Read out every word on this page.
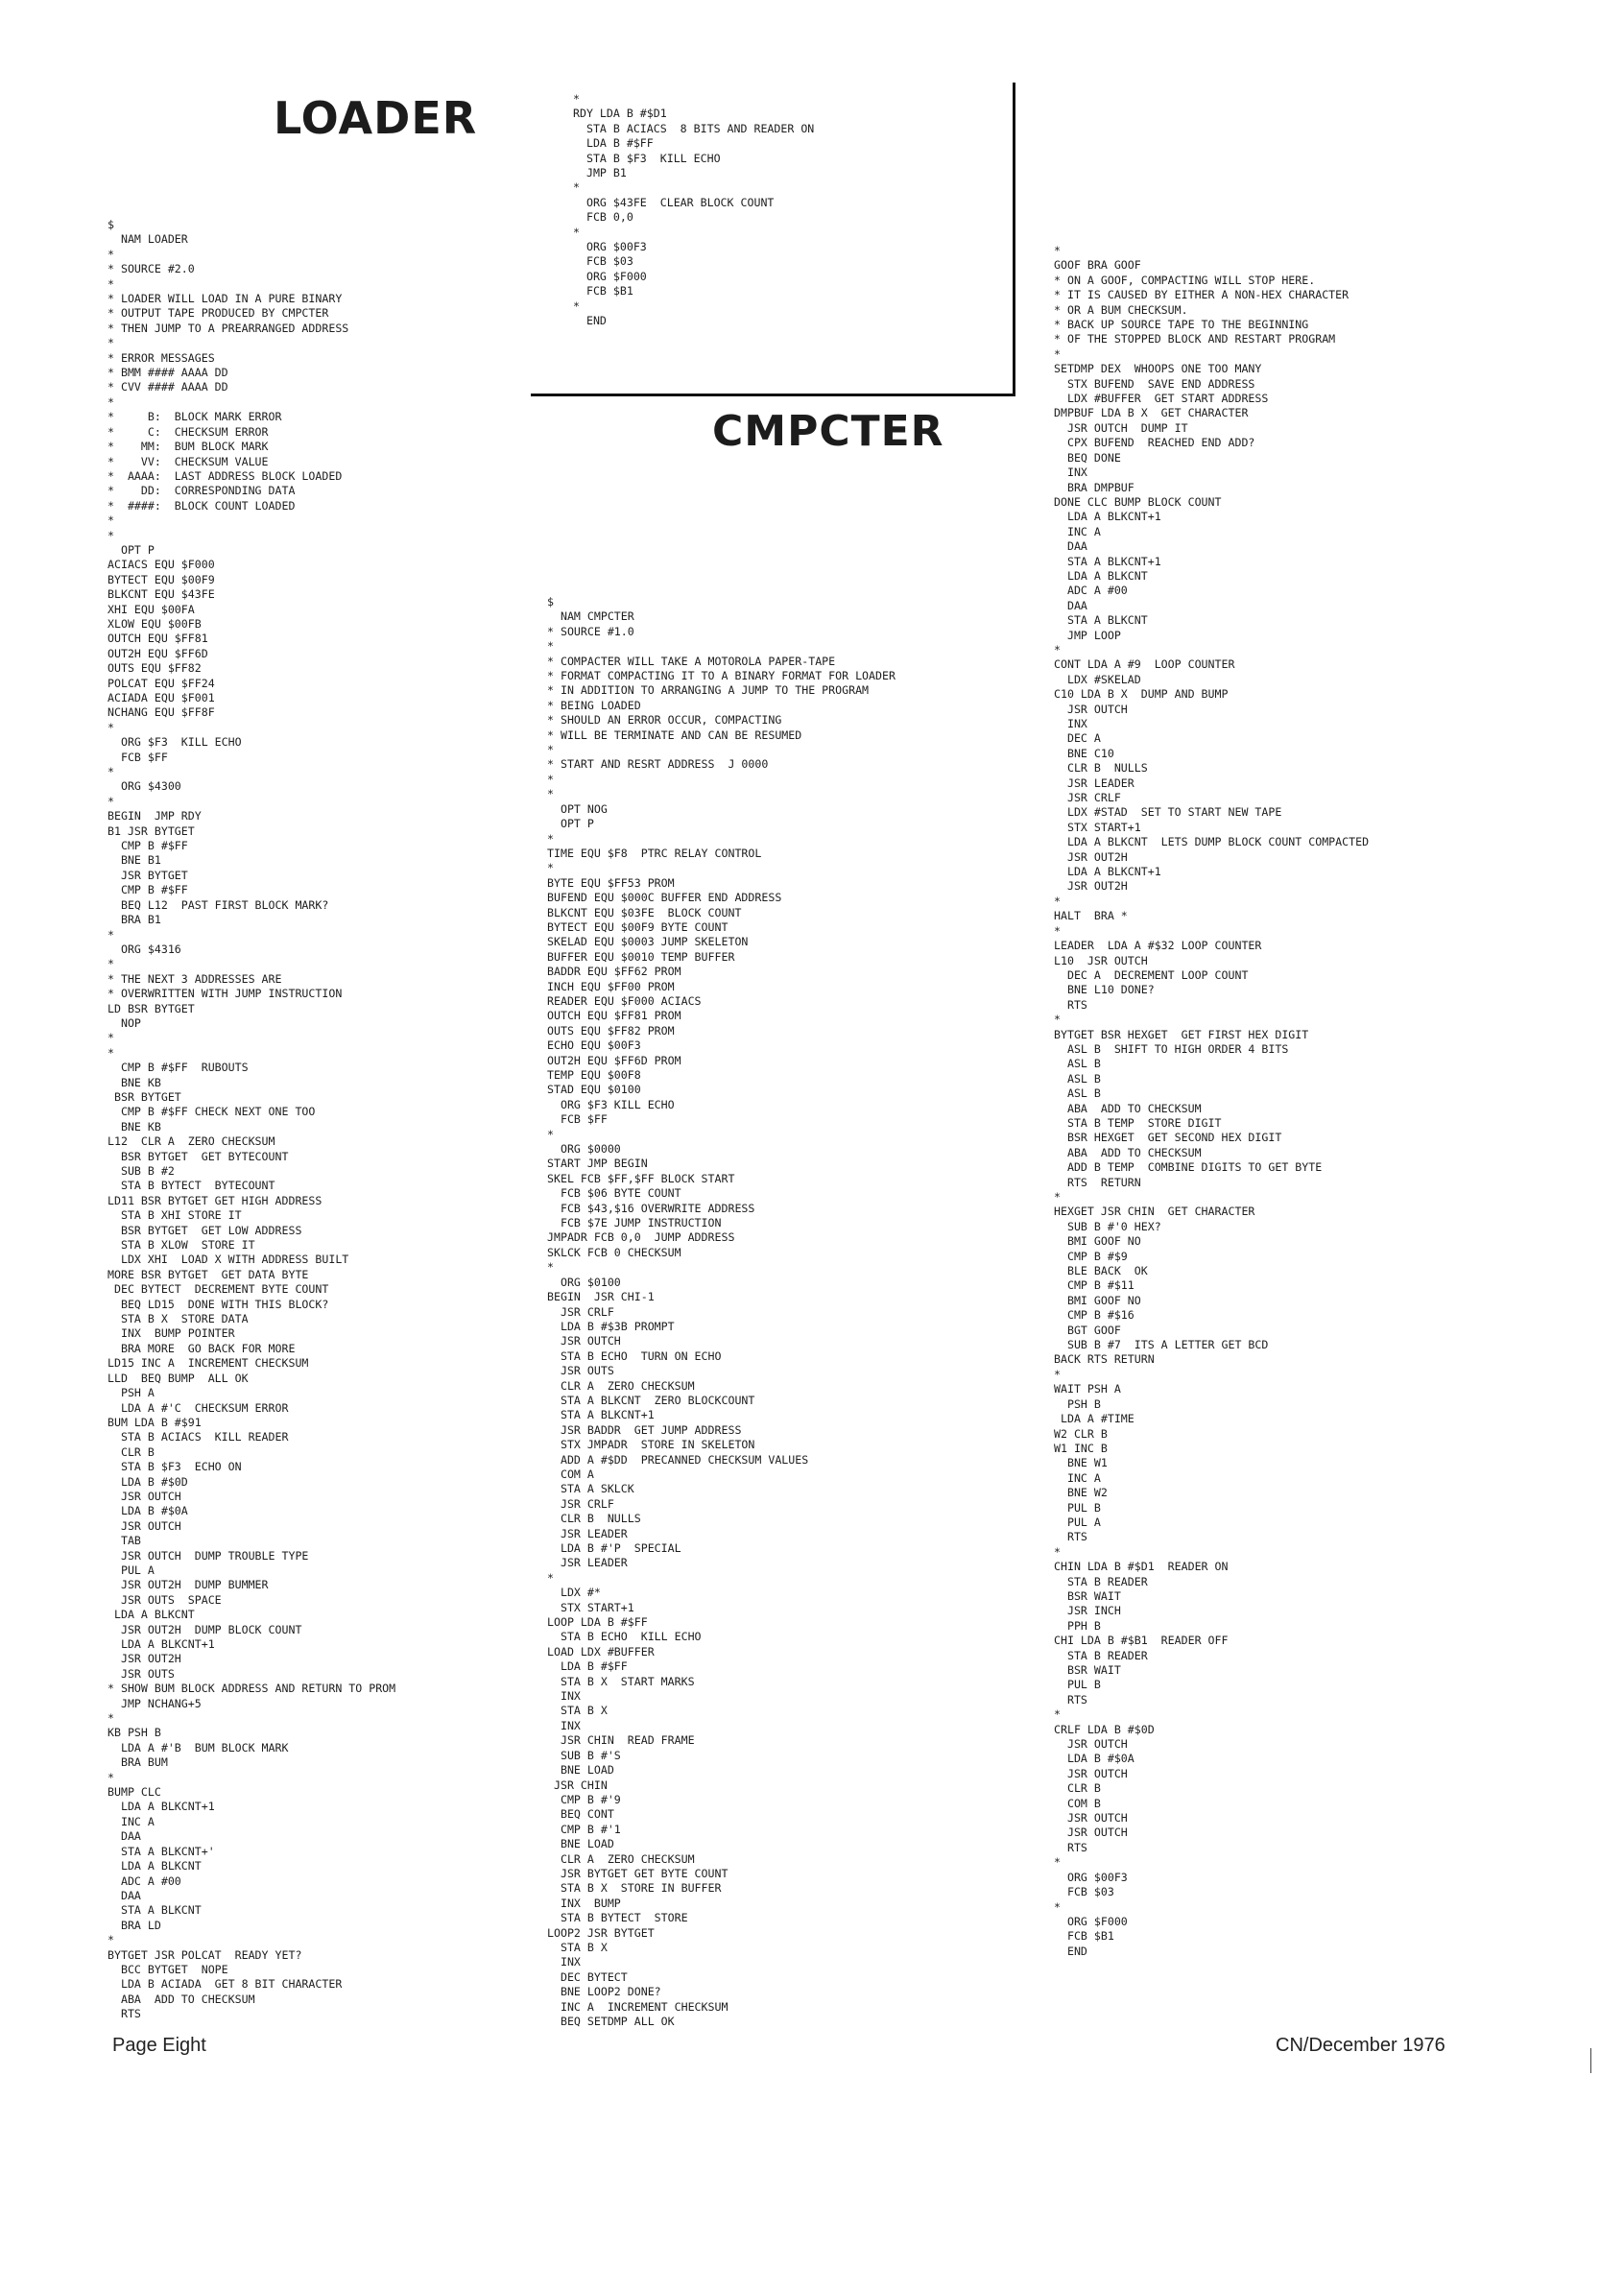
LOADER
CMPCTER
$
NAM LOADER
*
* SOURCE #2.0
*
* LOADER WILL LOAD IN A PURE BINARY
* OUTPUT TAPE PRODUCED BY CMPCTER
* THEN JUMP TO A PREARRANGED ADDRESS
*
* ERROR MESSAGES
* BMM #### AAAA DD
* CVV #### AAAA DD
*
*     B:  BLOCK MARK ERROR
*     C:  CHECKSUM ERROR
*    MM:  BUM BLOCK MARK
*    VV:  CHECKSUM VALUE
*  AAAA:  LAST ADDRESS BLOCK LOADED
*    DD:  CORRESPONDING DATA
*  ####:  BLOCK COUNT LOADED
*
*
OPT P
ACIACS EQU $F000
BYTECT EQU $00F9
BLKCNT EQU $43FE
XHI EQU $00FA
XLOW EQU $00FB
OUTCH EQU $FF81
OUT2H EQU $FF6D
OUTS EQU $FF82
POLCAT EQU $FF24
ACIADA EQU $F001
NCHANG EQU $FF8F
*
ORG $F3  KILL ECHO
FCB $FF
*
ORG $4300
*
BEGIN  JMP RDY
B1 JSR BYTGET
CMP B #$FF
BNE B1
JSR BYTGET
CMP B #$FF
BEQ L12  PAST FIRST BLOCK MARK?
BRA B1
*
ORG $4316
*
* THE NEXT 3 ADDRESSES ARE
* OVERWRITTEN WITH JUMP INSTRUCTION
LD BSR BYTGET
NOP
*
*
CMP B #$FF  RUBOUTS
BNE KB
BSR BYTGET
CMP B #$FF CHECK NEXT ONE TOO
BNE KB
L12  CLR A  ZERO CHECKSUM
BSR BYTGET  GET BYTECOUNT
SUB B #2
STA B BYTECT  BYTECOUNT
LD11 BSR BYTGET GET HIGH ADDRESS
STA B XHI STORE IT
BSR BYTGET  GET LOW ADDRESS
STA B XLOW  STORE IT
LDX XHI  LOAD X WITH ADDRESS BUILT
MORE BSR BYTGET  GET DATA BYTE
DEC BYTECT  DECREMENT BYTE COUNT
BEQ LD15  DONE WITH THIS BLOCK?
STA B X  STORE DATA
INX  BUMP POINTER
BRA MORE  GO BACK FOR MORE
LD15 INC A  INCREMENT CHECKSUM
LLD  BEQ BUMP  ALL OK
PSH A
LDA A #'C  CHECKSUM ERROR
BUM LDA B #$91
STA B ACIACS  KILL READER
CLR B
STA B $F3  ECHO ON
LDA B #$0D
JSR OUTCH
LDA B #$0A
JSR OUTCH
TAB
JSR OUTCH  DUMP TROUBLE TYPE
PUL A
JSR OUT2H  DUMP BUMMER
JSR OUTS  SPACE
LDA A BLKCNT
JSR OUT2H  DUMP BLOCK COUNT
LDA A BLKCNT+1
JSR OUT2H
JSR OUTS
* SHOW BUM BLOCK ADDRESS AND RETURN TO PROM
JMP NCHANG+5
*
KB PSH B
LDA A #'B  BUM BLOCK MARK
BRA BUM
*
BUMP CLC
LDA A BLKCNT+1
INC A
DAA
STA A BLKCNT+'
LDA A BLKCNT
ADC A #00
DAA
STA A BLKCNT
BRA LD
*
BYTGET JSR POLCAT  READY YET?
BCC BYTGET  NOPE
LDA B ACIADA  GET 8 BIT CHARACTER
ABA  ADD TO CHECKSUM
RTS
*
RDY LDA B #$D1
STA B ACIACS  8 BITS AND READER ON
LDA B #$FF
STA B $F3  KILL ECHO
JMP B1
*
ORG $43FE  CLEAR BLOCK COUNT
FCB 0,0
*
ORG $00F3
FCB $03
ORG $F000
FCB $B1
*
END
$
NAM CMPCTER
* SOURCE #1.0
*
* COMPACTER WILL TAKE A MOTOROLA PAPER-TAPE
* FORMAT COMPACTING IT TO A BINARY FORMAT FOR LOADER
* IN ADDITION TO ARRANGING A JUMP TO THE PROGRAM
* BEING LOADED
* SHOULD AN ERROR OCCUR, COMPACTING
* WILL BE TERMINATE AND CAN BE RESUMED
*
* START AND RESRT ADDRESS  J 0000
*
*
OPT NOG
OPT P
*
TIME EQU $F8  PTRC RELAY CONTROL
*
BYTE EQU $FF53 PROM
BUFEND EQU $000C BUFFER END ADDRESS
BLKCNT EQU $03FE  BLOCK COUNT
BYTECT EQU $00F9 BYTE COUNT
SKELAD EQU $0003 JUMP SKELETON
BUFFER EQU $0010 TEMP BUFFER
BADDR EQU $FF62 PROM
INCH EQU $FF00 PROM
READER EQU $F000 ACIACS
OUTCH EQU $FF81 PROM
OUTS EQU $FF82 PROM
ECHO EQU $00F3
OUT2H EQU $FF6D PROM
TEMP EQU $00F8
STAD EQU $0100
ORG $F3 KILL ECHO
FCB $FF
*
ORG $0000
START JMP BEGIN
SKEL FCB $FF,$FF BLOCK START
FCB $06 BYTE COUNT
FCB $43,$16 OVERWRITE ADDRESS
FCB $7E JUMP INSTRUCTION
JMPADR FCB 0,0  JUMP ADDRESS
SKLCK FCB 0 CHECKSUM
*
ORG $0100
BEGIN  JSR CHI-1
JSR CRLF
LDA B #$3B PROMPT
JSR OUTCH
STA B ECHO  TURN ON ECHO
JSR OUTS
CLR A  ZERO CHECKSUM
STA A BLKCNT  ZERO BLOCKCOUNT
STA A BLKCNT+1
JSR BADDR  GET JUMP ADDRESS
STX JMPADR  STORE IN SKELETON
ADD A #$DD  PRECANNED CHECKSUM VALUES
COM A
STA A SKLCK
JSR CRLF
CLR B  NULLS
JSR LEADER
LDA B #'P  SPECIAL
JSR LEADER
*
LDX #*
STX START+1
LOOP LDA B #$FF
STA B ECHO  KILL ECHO
LOAD LDX #BUFFER
LDA B #$FF
STA B X  START MARKS
INX
STA B X
INX
JSR CHIN  READ FRAME
SUB B #'S
BNE LOAD
JSR CHIN
CMP B #'9
BEQ CONT
CMP B #'1
BNE LOAD
CLR A  ZERO CHECKSUM
JSR BYTGET GET BYTE COUNT
STA B X  STORE IN BUFFER
INX  BUMP
STA B BYTECT  STORE
LOOP2 JSR BYTGET
STA B X
INX
DEC BYTECT
BNE LOOP2 DONE?
INC A  INCREMENT CHECKSUM
BEQ SETDMP ALL OK
*
GOOF BRA GOOF
* ON A GOOF, COMPACTING WILL STOP HERE.
* IT IS CAUSED BY EITHER A NON-HEX CHARACTER
* OR A BUM CHECKSUM.
* BACK UP SOURCE TAPE TO THE BEGINNING
* OF THE STOPPED BLOCK AND RESTART PROGRAM
*
SETDMP DEX  WHOOPS ONE TOO MANY
STX BUFEND  SAVE END ADDRESS
LDX #BUFFER  GET START ADDRESS
DMPBUF LDA B X  GET CHARACTER
JSR OUTCH  DUMP IT
CPX BUFEND  REACHED END ADD?
BEQ DONE
INX
BRA DMPBUF
DONE CLC BUMP BLOCK COUNT
LDA A BLKCNT+1
INC A
DAA
STA A BLKCNT+1
LDA A BLKCNT
ADC A #00
DAA
STA A BLKCNT
JMP LOOP
*
CONT LDA A #9  LOOP COUNTER
LDX #SKELAD
C10 LDA B X  DUMP AND BUMP
JSR OUTCH
INX
DEC A
BNE C10
CLR B  NULLS
JSR LEADER
JSR CRLF
LDX #STAD  SET TO START NEW TAPE
STX START+1
LDA A BLKCNT  LETS DUMP BLOCK COUNT COMPACTED
JSR OUT2H
LDA A BLKCNT+1
JSR OUT2H
*
HALT  BRA *
*
LEADER  LDA A #$32 LOOP COUNTER
L10  JSR OUTCH
DEC A  DECREMENT LOOP COUNT
BNE L10 DONE?
RTS
*
BYTGET BSR HEXGET  GET FIRST HEX DIGIT
ASL B  SHIFT TO HIGH ORDER 4 BITS
ASL B
ASL B
ASL B
ABA  ADD TO CHECKSUM
STA B TEMP  STORE DIGIT
BSR HEXGET  GET SECOND HEX DIGIT
ABA  ADD TO CHECKSUM
ADD B TEMP  COMBINE DIGITS TO GET BYTE
RTS  RETURN
*
HEXGET JSR CHIN  GET CHARACTER
SUB B #'0 HEX?
BMI GOOF NO
CMP B #$9
BLE BACK  OK
CMP B #$11
BMI GOOF NO
CMP B #$16
BGT GOOF
SUB B #7  ITS A LETTER GET BCD
BACK RTS RETURN
*
WAIT PSH A
PSH B
LDA A #TIME
W2 CLR B
W1 INC B
BNE W1
INC A
BNE W2
PUL B
PUL A
RTS
*
CHIN LDA B #$D1  READER ON
STA B READER
BSR WAIT
JSR INCH
PPH B
CHI LDA B #$B1  READER OFF
STA B READER
BSR WAIT
PUL B
RTS
*
CRLF LDA B #$0D
JSR OUTCH
LDA B #$0A
JSR OUTCH
CLR B
COM B
JSR OUTCH
JSR OUTCH
RTS
*
ORG $00F3
FCB $03
*
ORG $F000
FCB $B1
END

Page Eight	CN/December 1976
